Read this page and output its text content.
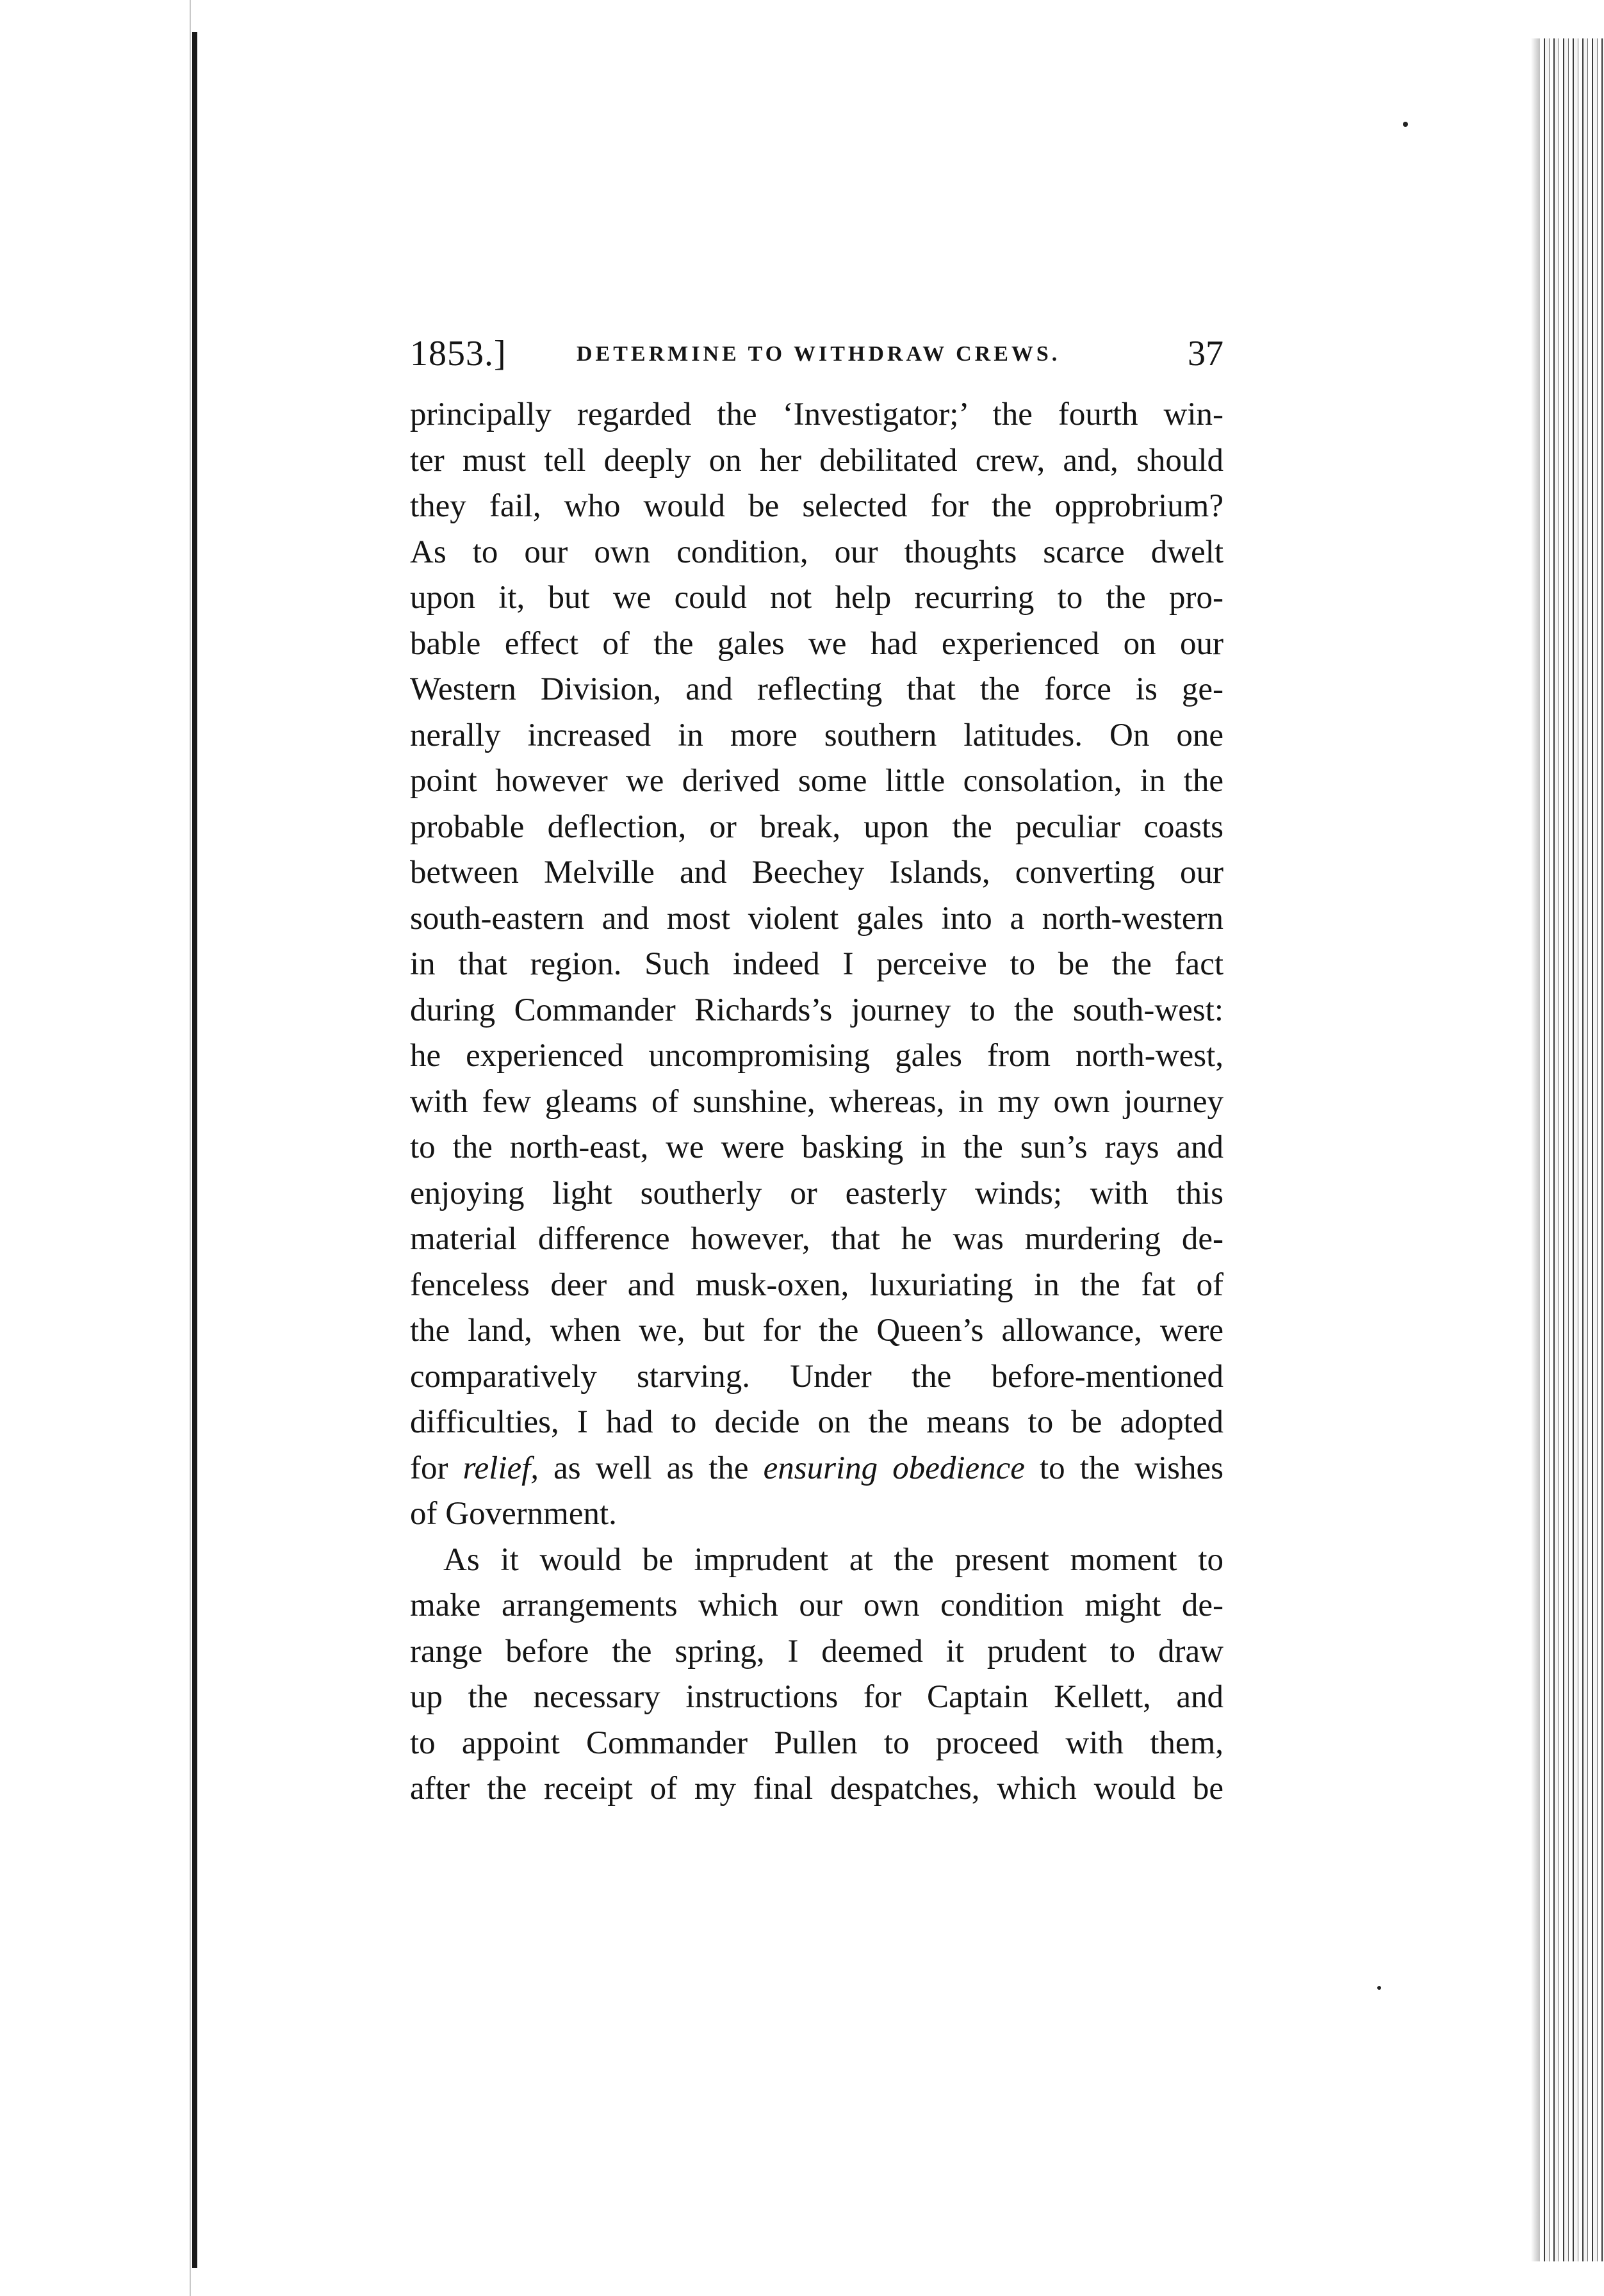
1853.]	DETERMINE TO WITHDRAW CREWS.	37
principally regarded the ‘Investigator;’ the fourth win-
ter must tell deeply on her debilitated crew, and, should
they fail, who would be selected for the opprobrium?
As to our own condition, our thoughts scarce dwelt
upon it, but we could not help recurring to the pro-
bable effect of the gales we had experienced on our
Western Division, and reflecting that the force is ge-
nerally increased in more southern latitudes. On one
point however we derived some little consolation, in the
probable deflection, or break, upon the peculiar coasts
between Melville and Beechey Islands, converting our
south-eastern and most violent gales into a north-western
in that region. Such indeed I perceive to be the fact
during Commander Richards’s journey to the south-west:
he experienced uncompromising gales from north-west,
with few gleams of sunshine, whereas, in my own journey
to the north-east, we were basking in the sun’s rays and
enjoying light southerly or easterly winds; with this
material difference however, that he was murdering de-
fenceless deer and musk-oxen, luxuriating in the fat of
the land, when we, but for the Queen’s allowance, were
comparatively starving. Under the before-mentioned
difficulties, I had to decide on the means to be adopted
for relief, as well as the ensuring obedience to the wishes
of Government.
As it would be imprudent at the present moment to
make arrangements which our own condition might de-
range before the spring, I deemed it prudent to draw
up the necessary instructions for Captain Kellett, and
to appoint Commander Pullen to proceed with them,
after the receipt of my final despatches, which would be
